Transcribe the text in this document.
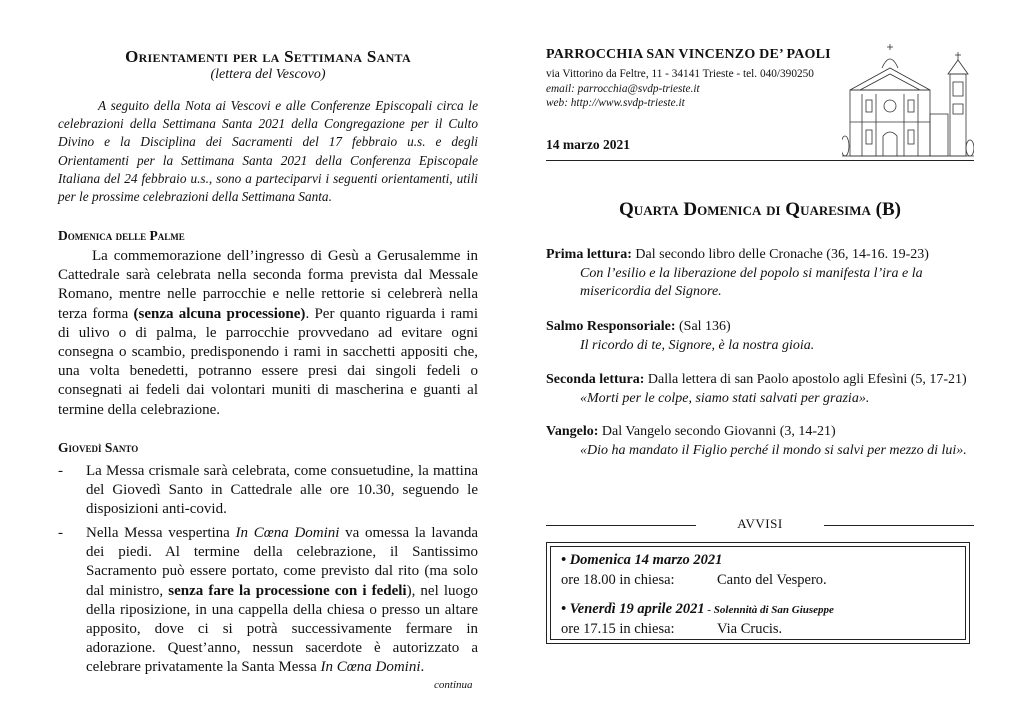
Orientamenti per la Settimana Santa
(lettera del Vescovo)

A seguito della Nota ai Vescovi e alle Conferenze Episcopali circa le celebrazioni della Settimana Santa 2021 della Congregazione per il Culto Divino e la Disciplina dei Sacramenti del 17 febbraio u.s. e degli Orientamenti per la Settimana Santa 2021 della Conferenza Episcopale Italiana del 24 febbraio u.s., sono a parteciparvi i seguenti orientamenti, utili per le prossime celebrazioni della Settimana Santa.

Domenica delle Palme

La commemorazione dell’ingresso di Gesù a Gerusalemme in Cattedrale sarà celebrata nella seconda forma prevista dal Messale Romano, mentre nelle parrocchie e nelle rettorie si celebrerà nella terza forma (senza alcuna processione). Per quanto riguarda i rami di ulivo o di palma, le parrocchie provvedano ad evitare ogni consegna o scambio, predisponendo i rami in sacchetti appositi che, una volta benedetti, potranno essere presi dai singoli fedeli o consegnati ai fedeli dai volontari muniti di mascherina e guanti al termine della celebrazione.

Giovedì Santo
- La Messa crismale sarà celebrata, come consuetudine, la mattina del Giovedì Santo in Cattedrale alle ore 10.30, seguendo le disposizioni anti-covid.
- Nella Messa vespertina In Cœna Domini va omessa la lavanda dei piedi. Al termine della celebrazione, il Santissimo Sacramento può essere portato, come previsto dal rito (ma solo dal ministro, senza fare la processione con i fedeli), nel luogo della riposizione, in una cappella della chiesa o presso un altare apposito, dove ci si potrà successivamente fermare in adorazione. Quest’anno, nessun sacerdote è autorizzato a celebrare privatamente la Santa Messa In Cœna Domini.
continua
PARROCCHIA SAN VINCENZO DE’ PAOLI
via Vittorino da Feltre, 11 - 34141 Trieste - tel. 040/390250
email: parrocchia@svdp-trieste.it
web: http://www.svdp-trieste.it
14 marzo 2021
Quarta Domenica di Quaresima (B)
Prima lettura: Dal secondo libro delle Cronache (36, 14-16. 19-23)
Con l’esilio e la liberazione del popolo si manifesta l’ira e la misericordia del Signore.
Salmo Responsoriale: (Sal 136)
Il ricordo di te, Signore, è la nostra gioia.
Seconda lettura: Dalla lettera di san Paolo apostolo agli Efesìni (5, 17-21)
«Morti per le colpe, siamo stati salvati per grazia».
Vangelo: Dal Vangelo secondo Giovanni (3, 14-21)
«Dio ha mandato il Figlio perché il mondo si salvi per mezzo di lui».
AVVISI
• Domenica 14 marzo 2021
ore 18.00 in chiesa:	Canto del Vespero.
• Venerdì 19 aprile 2021 - Solennità di San Giuseppe
ore 17.15 in chiesa:	Via Crucis.
